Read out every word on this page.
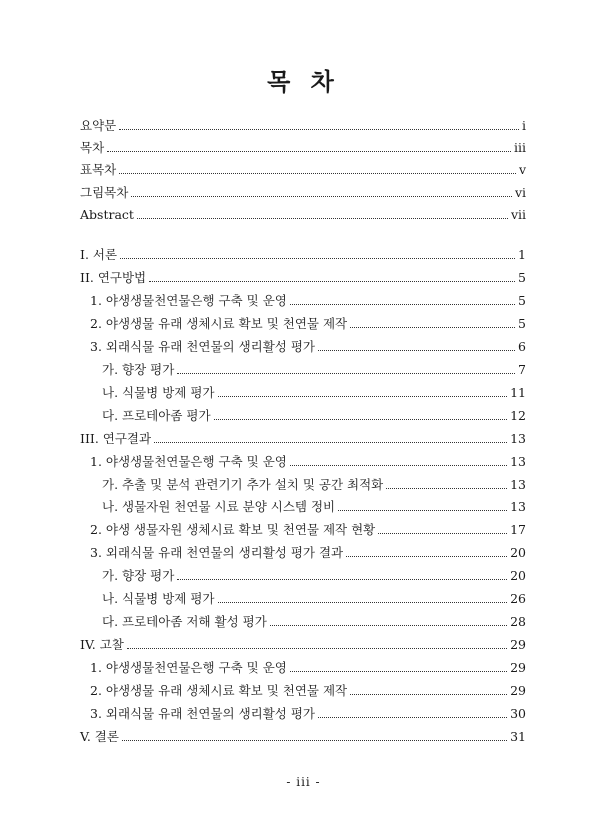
목 차
요약문	i
목차	iii
표목차	v
그림목차	vi
Abstract	vii
I. 서론	1
II. 연구방법	5
1. 야생생물천연물은행 구축 및 운영	5
2. 야생생물 유래 생체시료 확보 및 천연물 제작	5
3. 외래식물 유래 천연물의 생리활성 평가	6
가. 향장 평가	7
나. 식물병 방제 평가	11
다. 프로테아좀 평가	12
III. 연구결과	13
1. 야생생물천연물은행 구축 및 운영	13
가. 추출 및 분석 관련기기 추가 설치 및 공간 최적화	13
나. 생물자원 천연물 시료 분양 시스템 정비	13
2. 야생 생물자원 생체시료 확보 및 천연물 제작 현황	17
3. 외래식물 유래 천연물의 생리활성 평가 결과	20
가. 향장 평가	20
나. 식물병 방제 평가	26
다. 프로테아좀 저해 활성 평가	28
IV. 고찰	29
1. 야생생물천연물은행 구축 및 운영	29
2. 야생생물 유래 생체시료 확보 및 천연물 제작	29
3. 외래식물 유래 천연물의 생리활성 평가	30
V. 결론	31
- iii -
